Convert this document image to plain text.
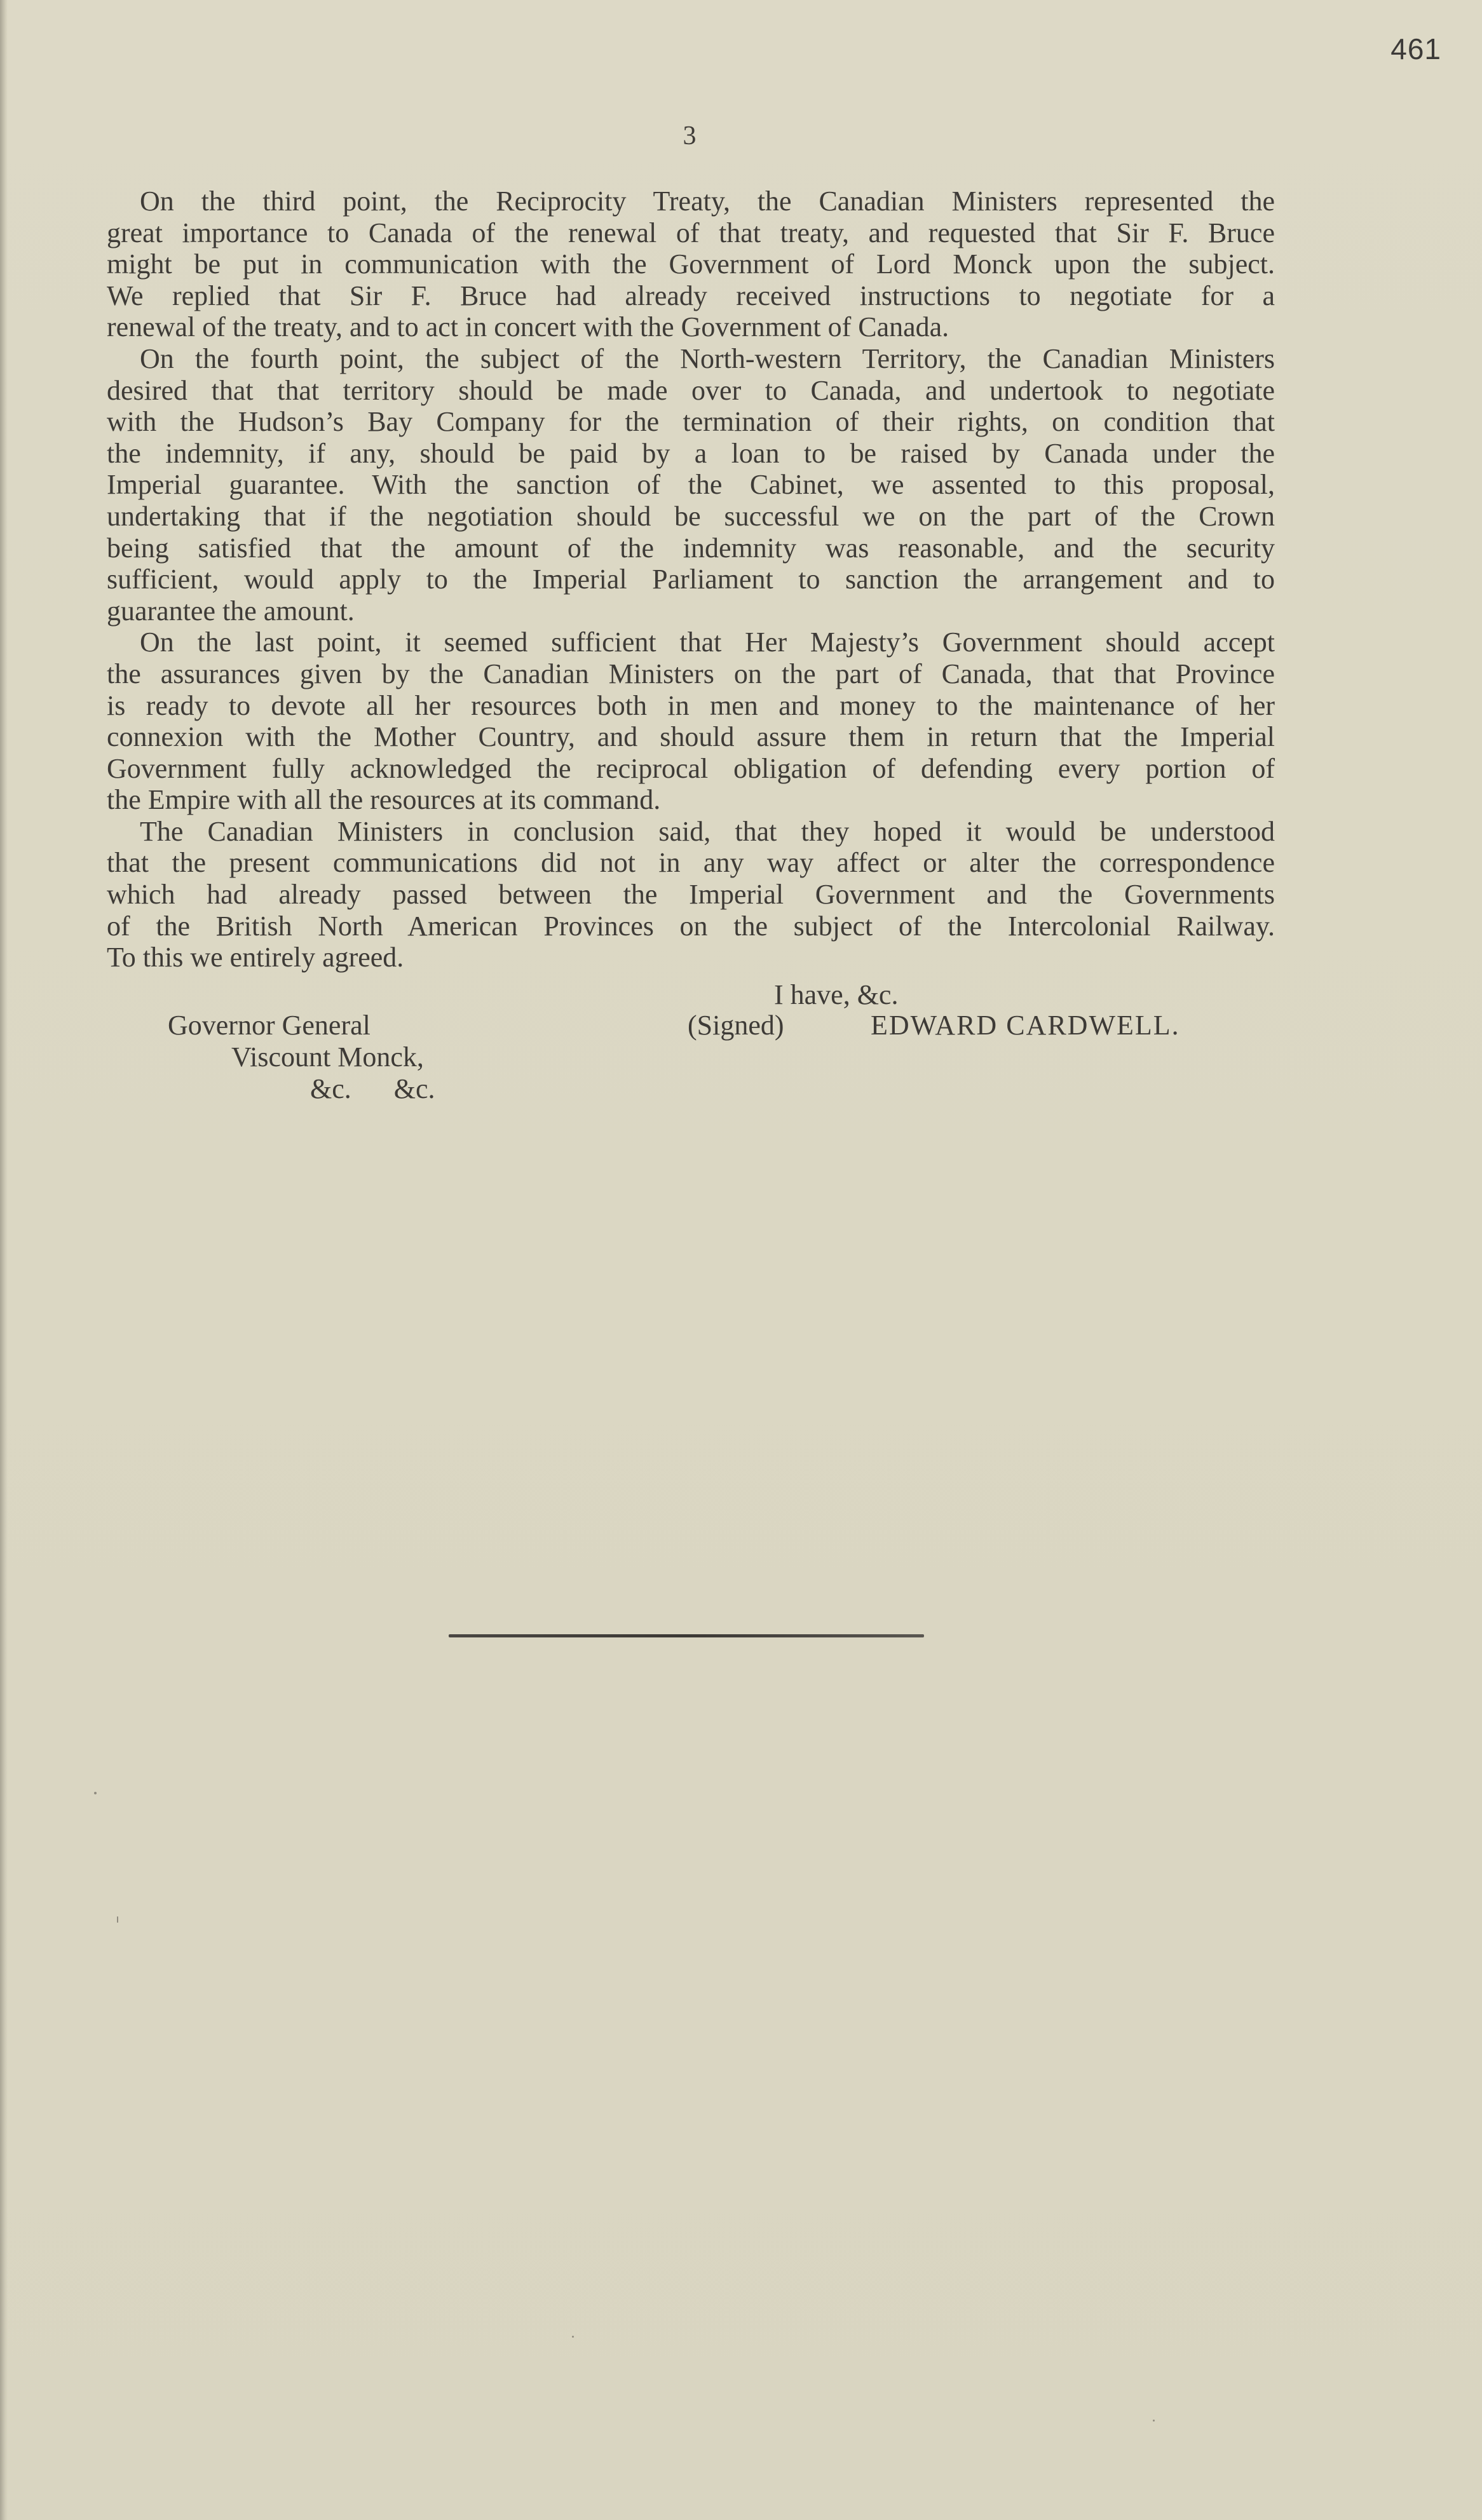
461
3
On the third point, the Reciprocity Treaty, the Canadian Ministers represented the
great importance to Canada of the renewal of that treaty, and requested that Sir F. Bruce
might be put in communication with the Government of Lord Monck upon the subject.
We replied that Sir F. Bruce had already received instructions to negotiate for a
renewal of the treaty, and to act in concert with the Government of Canada.
On the fourth point, the subject of the North-western Territory, the Canadian Ministers
desired that that territory should be made over to Canada, and undertook to negotiate
with the Hudson’s Bay Company for the termination of their rights, on condition that
the indemnity, if any, should be paid by a loan to be raised by Canada under the
Imperial guarantee. With the sanction of the Cabinet, we assented to this proposal,
undertaking that if the negotiation should be successful we on the part of the Crown
being satisfied that the amount of the indemnity was reasonable, and the security
sufficient, would apply to the Imperial Parliament to sanction the arrangement and to
guarantee the amount.
On the last point, it seemed sufficient that Her Majesty’s Government should accept
the assurances given by the Canadian Ministers on the part of Canada, that that Province
is ready to devote all her resources both in men and money to the maintenance of her
connexion with the Mother Country, and should assure them in return that the Imperial
Government fully acknowledged the reciprocal obligation of defending every portion of
the Empire with all the resources at its command.
The Canadian Ministers in conclusion said, that they hoped it would be understood
that the present communications did not in any way affect or alter the correspondence
which had already passed between the Imperial Government and the Governments
of the British North American Provinces on the subject of the Intercolonial Railway.
To this we entirely agreed.
I have, &c.
Governor General	(Signed)	EDWARD CARDWELL.
Viscount Monck,
&c. &c.
